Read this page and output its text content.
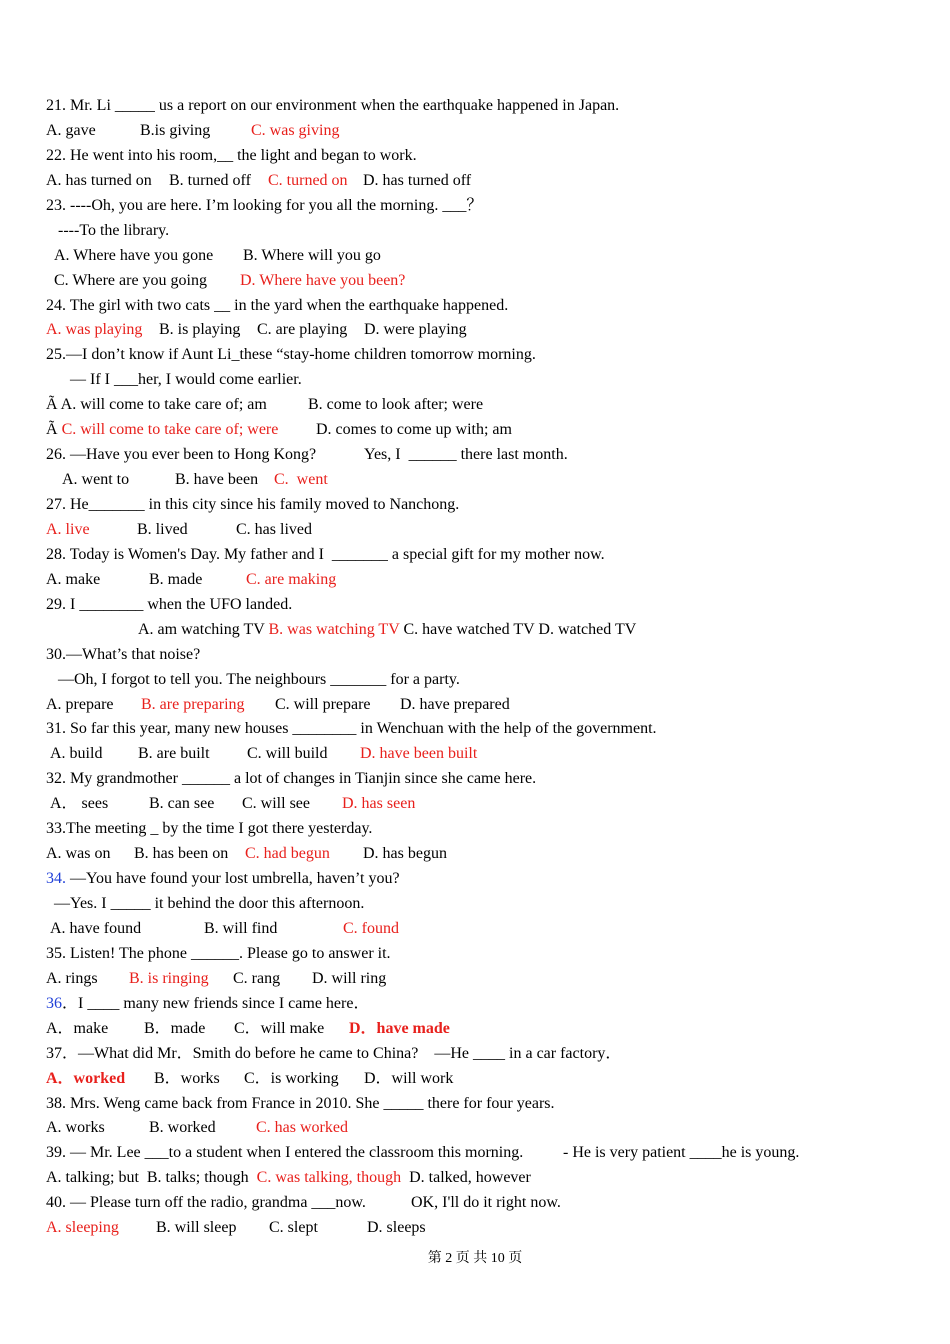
21. Mr. Li _____ us a report on our environment when the earthquake happened in Japan.
A. gave	B.is giving	C. was giving
22. He went into his room,__ the light and began to work.
A. has turned on B. turned off C. turned on D. has turned off
23. ----Oh, you are here. I’m looking for you all the morning. ___？
----To the library.
A. Where have you gone B. Where will you go
C. Where are you going D. Where have you been?
24. The girl with two cats __ in the yard when the earthquake happened.
A. was playing B. is playing C. are playing D. were playing
25.—I don’t know if Aunt Li_these “stay-home children tomorrow morning.
— If I ___her, I would come earlier.
Ã A. will come to take care of; am	B. come to look after; were
Ã C. will come to take care of; were D. comes to come up with; am
26. —Have you ever been to Hong Kong?	Yes, I  ______ there last month.
A. went to	B. have been C.  went
27. He_______ in this city since his family moved to Nanchong.
A. live	B. lived	C. has lived
28. Today is Women's Day. My father and I  _______ a special gift for my mother now.
A. make	B. made	C. are making
29. I ________ when the UFO landed.
A. am watching TV B. was watching TV C. have watched TV D. watched TV
30.—What’s that noise?
—Oh, I forgot to tell you. The neighbours _______ for a party.
A. prepare B. are preparing C. will prepare D. have prepared
31. So far this year, many new houses ________ in Wenchuan with the help of the government.
A. build B. are built C. will build D. have been built
32. My grandmother ______ a lot of changes in Tianjin since she came here.
A． sees	B. can see C. will see D. has seen
33.The meeting _ by the time I got there yesterday.
A. was on B. has been on C. had begun D. has begun
34. —You have found your lost umbrella, haven’t you?
—Yes. I _____ it behind the door this afternoon.
A. have found	B. will find	C. found
35. Listen! The phone ______. Please go to answer it.
A. rings B. is ringing C. rang D. will ring
36．I ____ many new friends since I came here．
A．make B．made C．will make D．have made
37．—What did Mr．Smith do before he came to China?    —He ____ in a car factory．
A．worked B．works C．is working D．will work
38. Mrs. Weng came back from France in 2010. She _____ there for four years.
A. works	B. worked	C. has worked
39. — Mr. Lee ___to a student when I entered the classroom this morning. - He is very patient ____he is young.
A. talking; but  B. talks; though  C. was talking, though  D. talked, however
40. — Please turn off the radio, grandma ___now.	OK, I'll do it right now.
A. sleeping B. will sleep C. slept	D. sleeps
第 2 页 共 10 页
